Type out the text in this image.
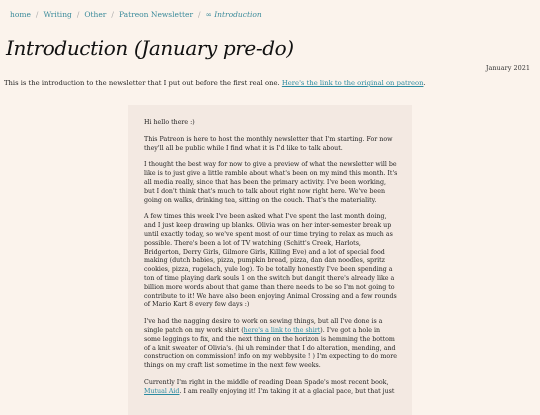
home / Writing / Other / Patreon Newsletter / ∞ Introduction
Introduction (January pre-do)
January 2021
This is the introduction to the newsletter that I put out before the first real one. Here's the link to the original on patreon.

Hi hello there :)

This Patreon is here to host the monthly newsletter that I'm starting. For now they'll all be public while I find what it is I'd like to talk about.

I thought the best way for now to give a preview of what the newsletter will be like is to just give a little ramble about what's been on my mind this month. It's all media really, since that has been the primary activity. I've been working, but I don't think that's much to talk about right now right here. We've been going on walks, drinking tea, sitting on the couch. That's the materiality.

A few times this week I've been asked what I've spent the last month doing, and I just keep drawing up blanks. Olivia was on her inter-semester break up until exactly today, so we've spent most of our time trying to relax as much as possible. There's been a lot of TV watching (Schitt's Creek, Harlots, Bridgerton, Derry Girls, Gilmore Girls, Killing Eve) and a lot of special food making (dutch babies, pizza, pumpkin bread, pizza, dan dan noodles, spritz cookies, pizza, rugelach, yule log). To be totally honestly I've been spending a ton of time playing dark souls 1 on the switch but dangit there's already like a billion more words about that game than there needs to be so I'm not going to contribute to it! We have also been enjoying Animal Crossing and a few rounds of Mario Kart 8 every few days :)

I've had the nagging desire to work on sewing things, but all I've done is a single patch on my work shirt (here's a link to the shirt). I've got a hole in some leggings to fix, and the next thing on the horizon is hemming the bottom of a knit sweater of Olivia's. (hi uh reminder that I do alteration, mending, and construction on commission! info on my webbysite ! ) I'm expecting to do more things on my craft list sometime in the next few weeks.

Currently I'm right in the middle of reading Dean Spade's most recent book, Mutual Aid. I am really enjoying it! I'm taking it at a glacial pace, but that just
